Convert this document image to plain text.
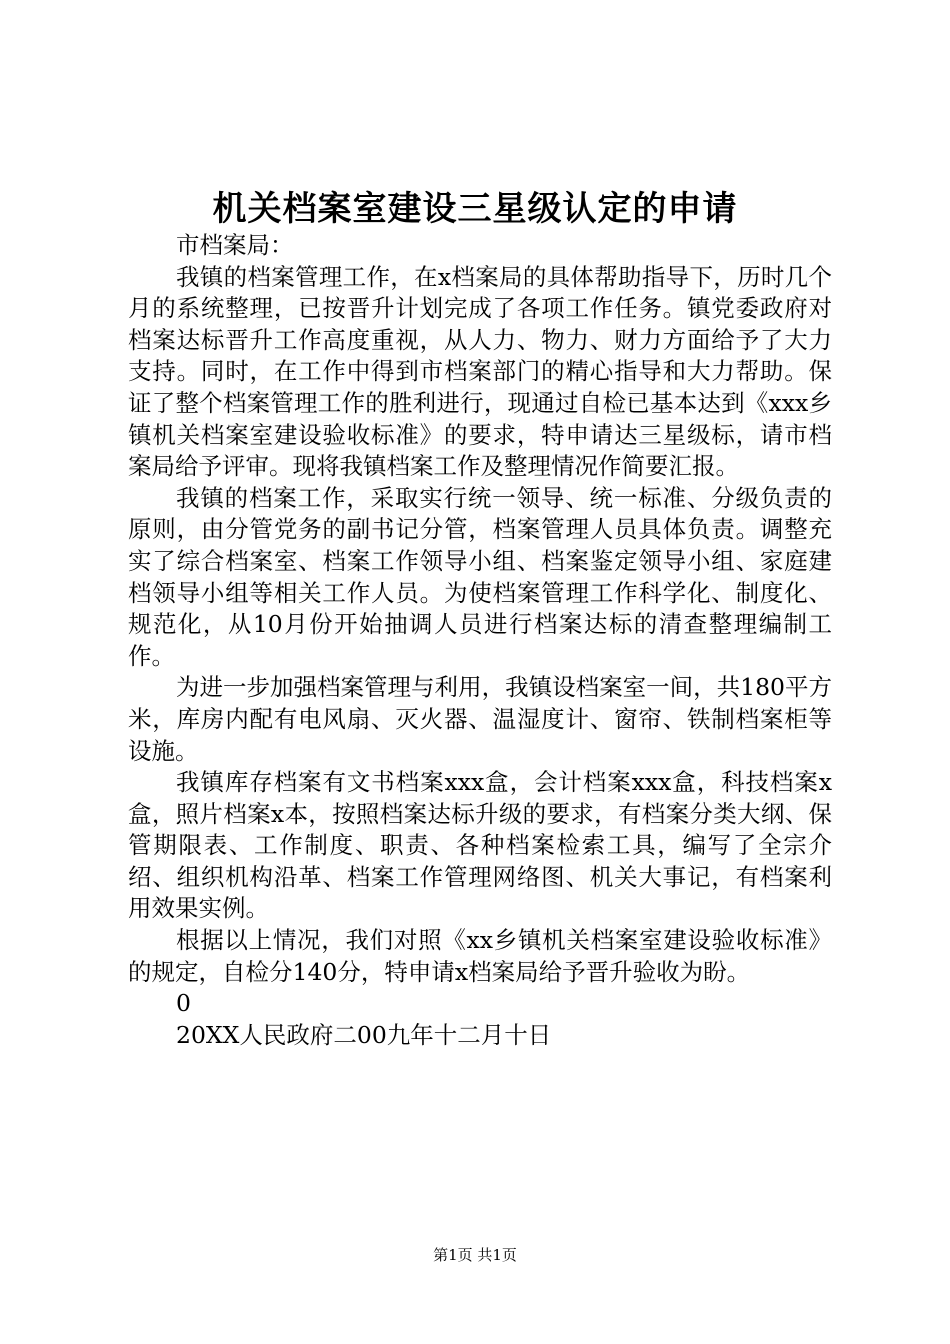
机关档案室建设三星级认定的申请

市档案局：

我镇的档案管理工作，在x档案局的具体帮助指导下，历时几个月的系统整理，已按晋升计划完成了各项工作任务。镇党委政府对档案达标晋升工作高度重视，从人力、物力、财力方面给予了大力支持。同时，在工作中得到市档案部门的精心指导和大力帮助。保证了整个档案管理工作的胜利进行，现通过自检已基本达到《xxx乡镇机关档案室建设验收标准》的要求，特申请达三星级标，请市档案局给予评审。现将我镇档案工作及整理情况作简要汇报。

我镇的档案工作，采取实行统一领导、统一标准、分级负责的原则，由分管党务的副书记分管，档案管理人员具体负责。调整充实了综合档案室、档案工作领导小组、档案鉴定领导小组、家庭建档领导小组等相关工作人员。为使档案管理工作科学化、制度化、规范化，从10月份开始抽调人员进行档案达标的清查整理编制工作。

为进一步加强档案管理与利用，我镇设档案室一间，共180平方米，库房内配有电风扇、灭火器、温湿度计、窗帘、铁制档案柜等设施。

我镇库存档案有文书档案xxx盒，会计档案xxx盒，科技档案x盒，照片档案x本，按照档案达标升级的要求，有档案分类大纲、保管期限表、工作制度、职责、各种档案检索工具，编写了全宗介绍、组织机构沿革、档案工作管理网络图、机关大事记，有档案利用效果实例。

根据以上情况，我们对照《xx乡镇机关档案室建设验收标准》的规定，自检分140分，特申请x档案局给予晋升验收为盼。

0

20XX人民政府二00九年十二月十日

第1页 共1页
